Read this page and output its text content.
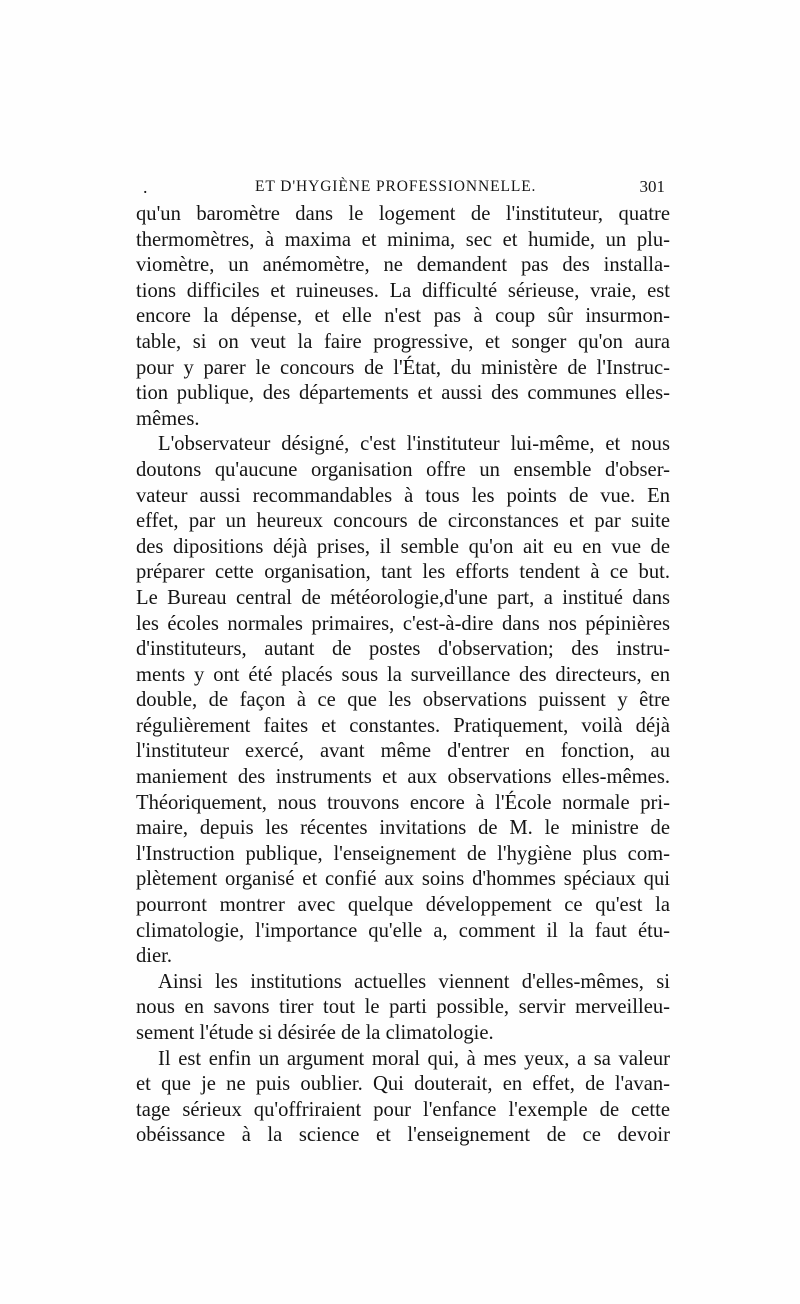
.	ET D'HYGIÈNE PROFESSIONNELLE.	301
qu'un baromètre dans le logement de l'instituteur, quatre
thermomètres, à maxima et minima, sec et humide, un plu-
viomètre, un anémomètre, ne demandent pas des installa-
tions difficiles et ruineuses. La difficulté sérieuse, vraie, est
encore la dépense, et elle n'est pas à coup sûr insurmon-
table, si on veut la faire progressive, et songer qu'on aura
pour y parer le concours de l'État, du ministère de l'Instruc-
tion publique, des départements et aussi des communes elles-
mêmes.
L'observateur désigné, c'est l'instituteur lui-même, et nous
doutons qu'aucune organisation offre un ensemble d'obser-
vateur aussi recommandables à tous les points de vue. En
effet, par un heureux concours de circonstances et par suite
des dipositions déjà prises, il semble qu'on ait eu en vue de
préparer cette organisation, tant les efforts tendent à ce but.
Le Bureau central de météorologie,d'une part, a institué dans
les écoles normales primaires, c'est-à-dire dans nos pépinières
d'instituteurs, autant de postes d'observation; des instru-
ments y ont été placés sous la surveillance des directeurs, en
double, de façon à ce que les observations puissent y être
régulièrement faites et constantes. Pratiquement, voilà déjà
l'instituteur exercé, avant même d'entrer en fonction, au
maniement des instruments et aux observations elles-mêmes.
Théoriquement, nous trouvons encore à l'École normale pri-
maire, depuis les récentes invitations de M. le ministre de
l'Instruction publique, l'enseignement de l'hygiène plus com-
plètement organisé et confié aux soins d'hommes spéciaux qui
pourront montrer avec quelque développement ce qu'est la
climatologie, l'importance qu'elle a, comment il la faut étu-
dier.
Ainsi les institutions actuelles viennent d'elles-mêmes, si
nous en savons tirer tout le parti possible, servir merveilleu-
sement l'étude si désirée de la climatologie.
Il est enfin un argument moral qui, à mes yeux, a sa valeur
et que je ne puis oublier. Qui douterait, en effet, de l'avan-
tage sérieux qu'offriraient pour l'enfance l'exemple de cette
obéissance à la science et l'enseignement de ce devoir
